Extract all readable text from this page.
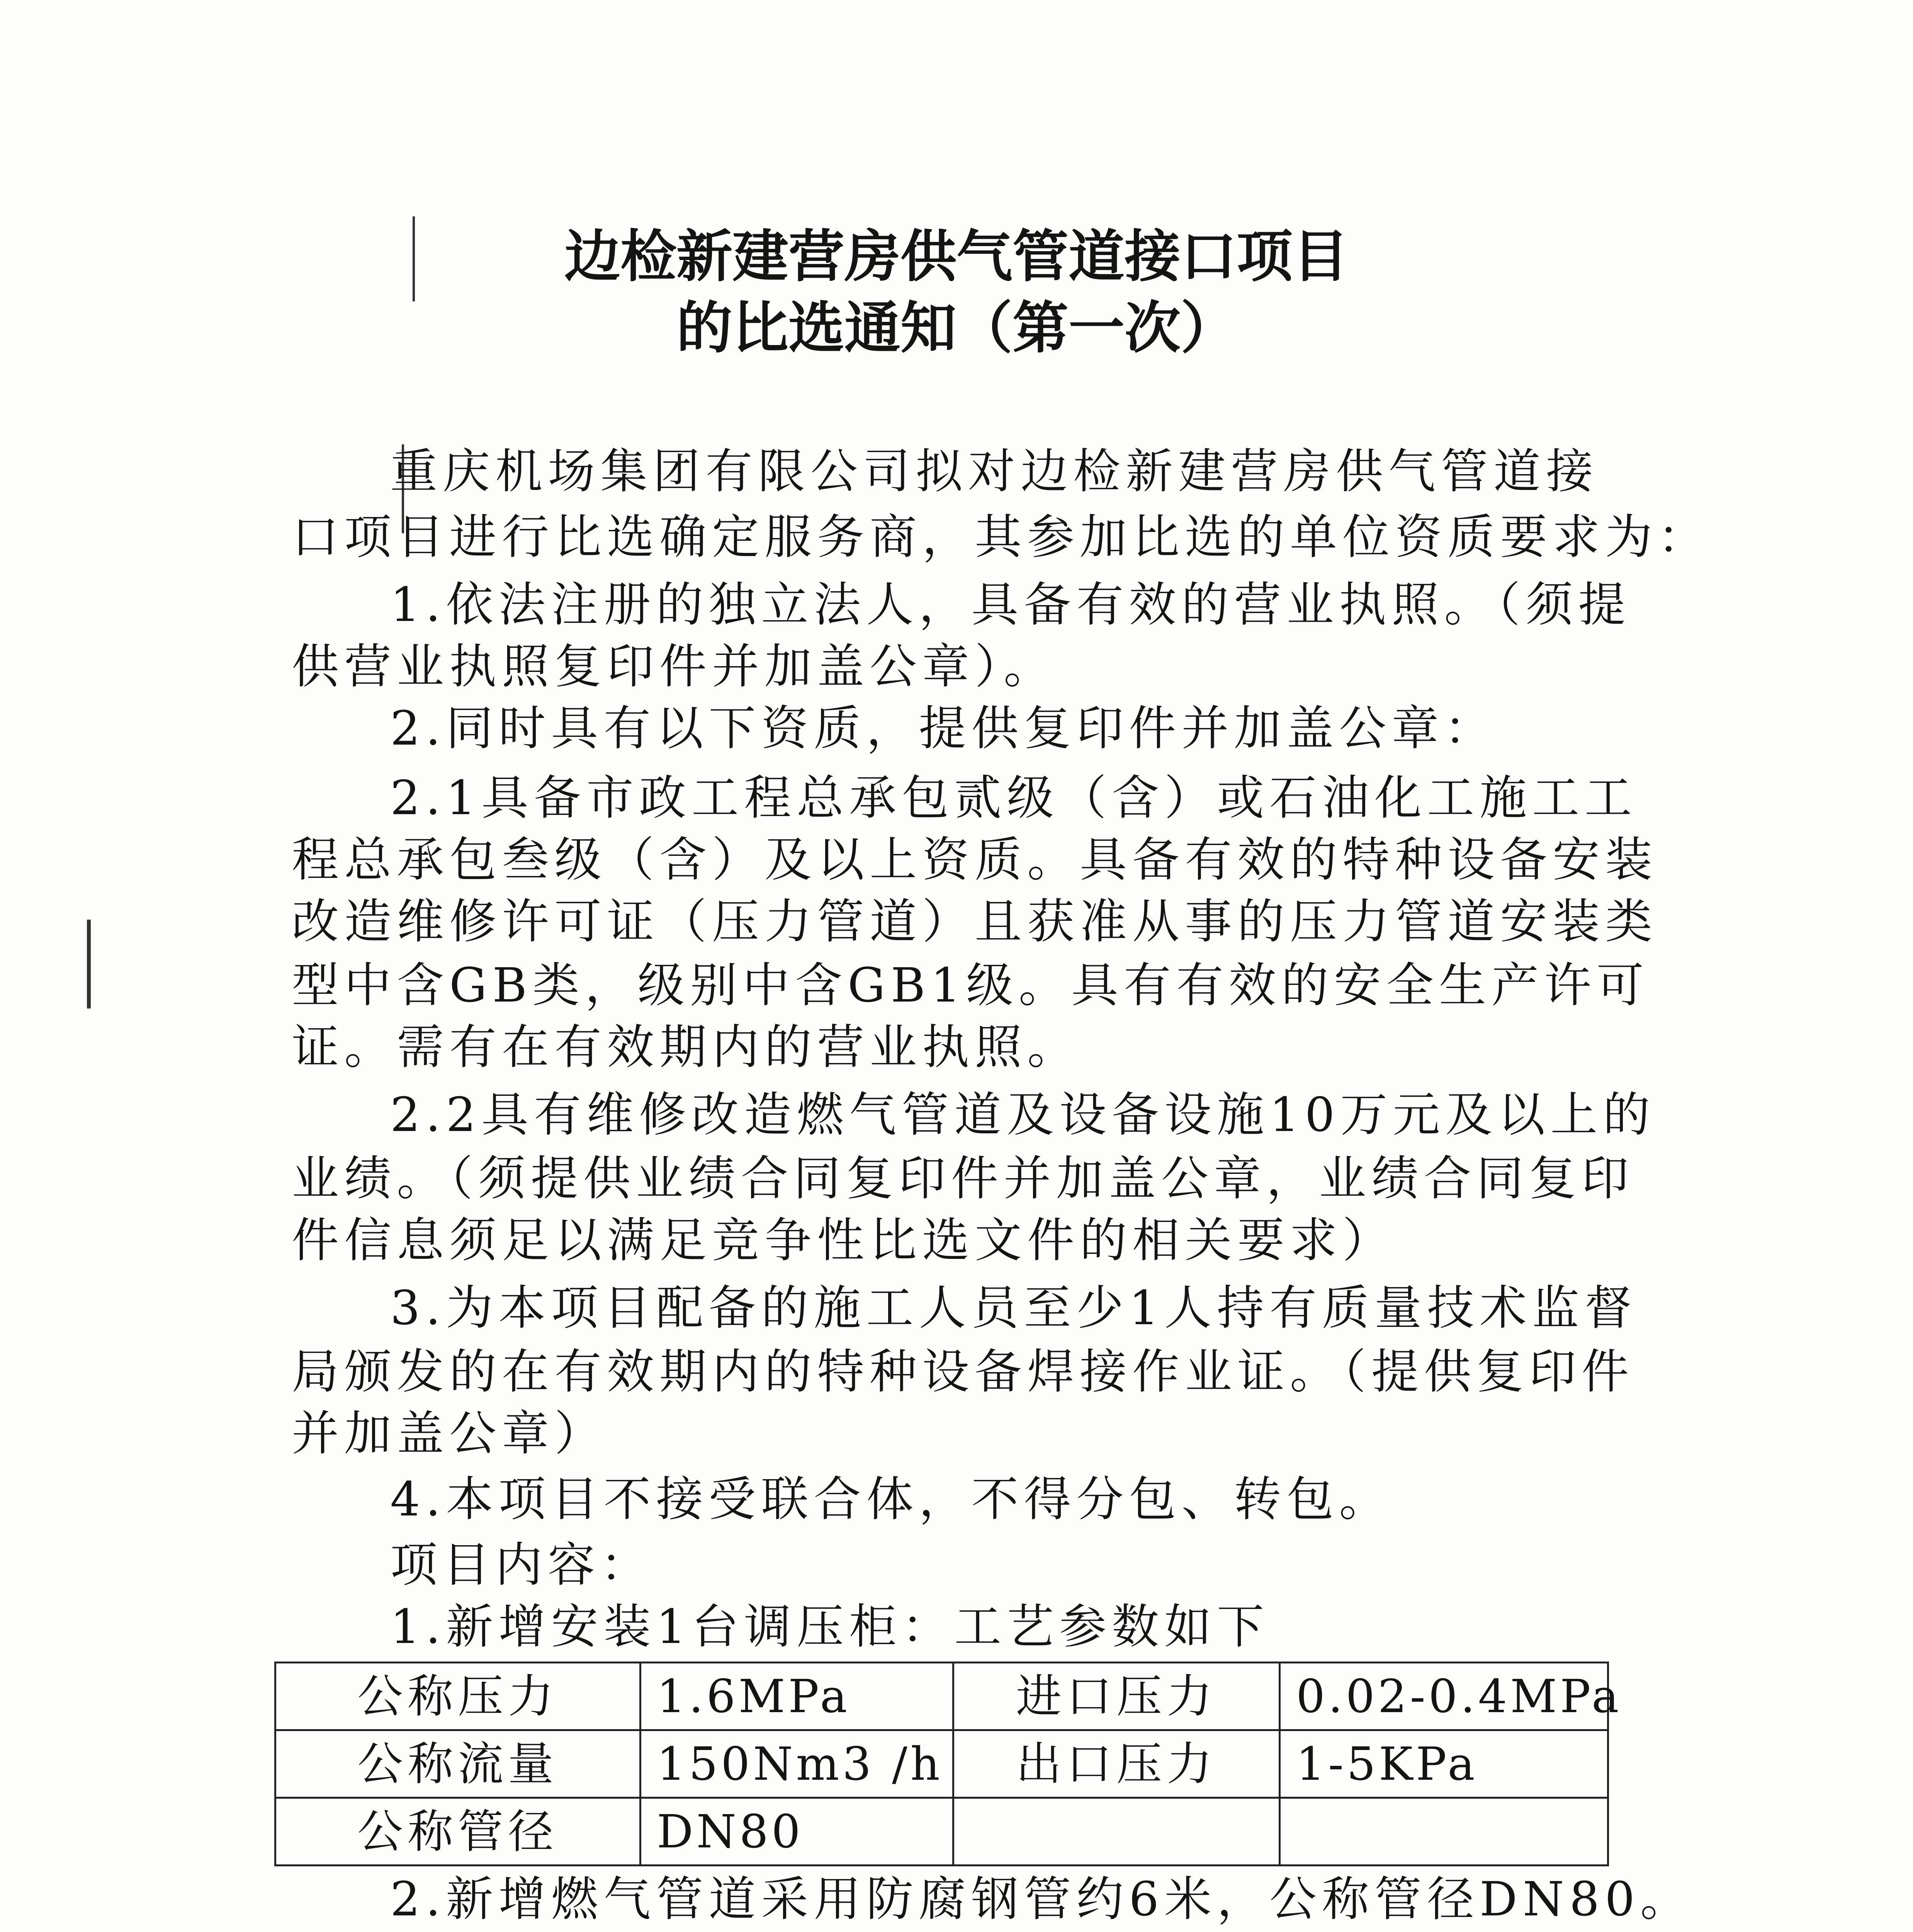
边检新建营房供气管道接口项目
的比选通知（第一次）
重庆机场集团有限公司拟对边检新建营房供气管道接
口项目进行比选确定服务商，其参加比选的单位资质要求为：
1.依法注册的独立法人，具备有效的营业执照。（须提
供营业执照复印件并加盖公章）。
2.同时具有以下资质，提供复印件并加盖公章：
2.1具备市政工程总承包贰级（含）或石油化工施工工
程总承包叁级（含）及以上资质。具备有效的特种设备安装
改造维修许可证（压力管道）且获准从事的压力管道安装类
型中含GB类，级别中含GB1级。具有有效的安全生产许可
证。需有在有效期内的营业执照。
2.2具有维修改造燃气管道及设备设施10万元及以上的
业绩。（须提供业绩合同复印件并加盖公章，业绩合同复印
件信息须足以满足竞争性比选文件的相关要求）
3.为本项目配备的施工人员至少1人持有质量技术监督
局颁发的在有效期内的特种设备焊接作业证。（提供复印件
并加盖公章）
4.本项目不接受联合体，不得分包、转包。
项目内容：
1.新增安装1台调压柜：工艺参数如下
公称压力	1.6MPa	进口压力	0.02-0.4MPa
公称流量	150Nm3 /h	出口压力	1-5KPa
公称管径	DN80		
2.新增燃气管道采用防腐钢管约6米，公称管径DN80。
